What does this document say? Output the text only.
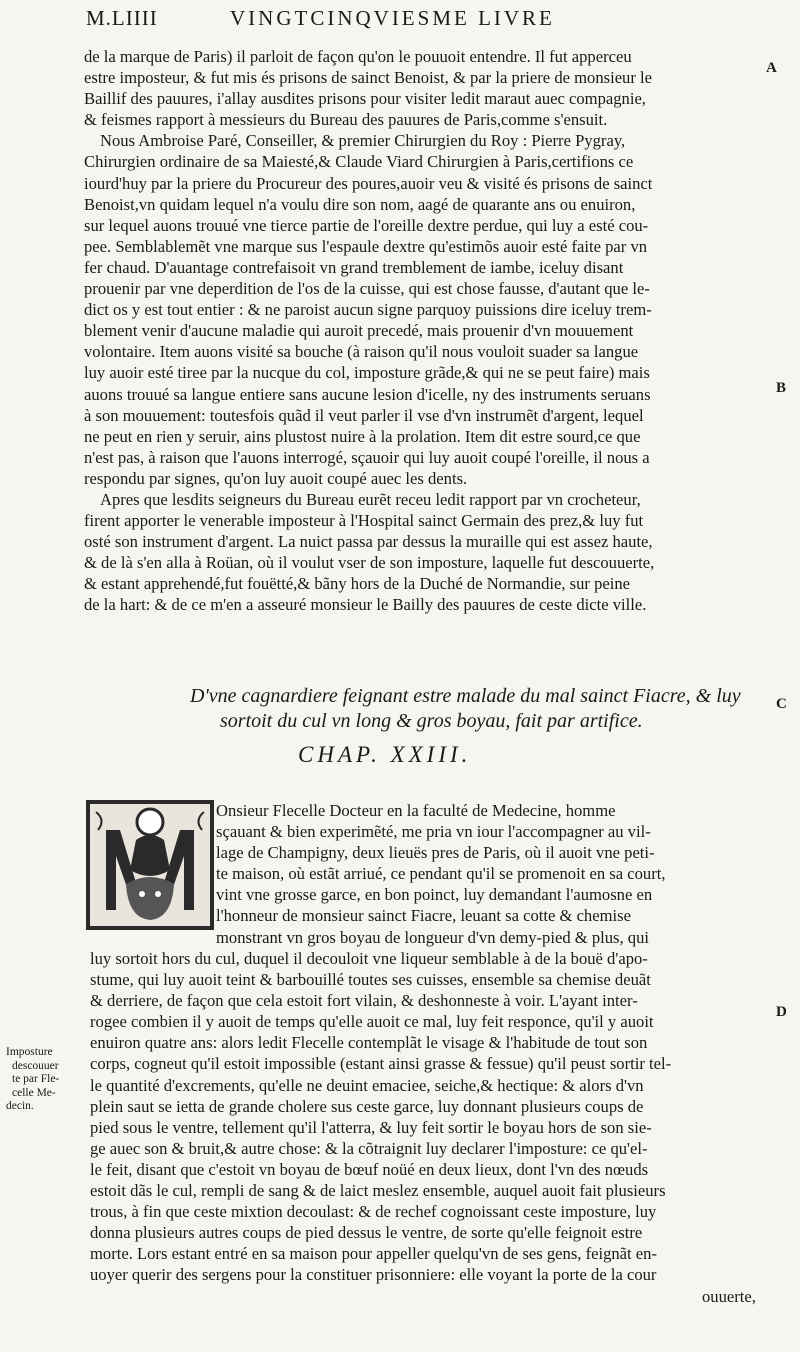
M.LIIII	VINGTCINQVIESME LIVRE
A
B
C
D
de la marque de Paris) il parloit de façon qu'on le pouuoit entendre. Il fut apperceu
estre imposteur, & fut mis és prisons de sainct Benoist, & par la priere de monsieur le
Baillif des pauures, i'allay ausdites prisons pour visiter ledit maraut auec compagnie,
& feismes rapport à messieurs du Bureau des pauures de Paris,comme s'ensuit.
Nous Ambroise Paré, Conseiller, & premier Chirurgien du Roy : Pierre Pygray,
Chirurgien ordinaire de sa Maiesté,& Claude Viard Chirurgien à Paris,certifions ce
iourd'huy par la priere du Procureur des poures,auoir veu & visité és prisons de sainct
Benoist,vn quidam lequel n'a voulu dire son nom, aagé de quarante ans ou enuiron,
sur lequel auons trouué vne tierce partie de l'oreille dextre perdue, qui luy a esté cou-
pee. Semblablemẽt vne marque sus l'espaule dextre qu'estimõs auoir esté faite par vn
fer chaud. D'auantage contrefaisoit vn grand tremblement de iambe, iceluy disant
prouenir par vne deperdition de l'os de la cuisse, qui est chose fausse, d'autant que le-
dict os y est tout entier : & ne paroist aucun signe parquoy puissions dire iceluy trem-
blement venir d'aucune maladie qui auroit precedé, mais prouenir d'vn mouuement
volontaire. Item auons visité sa bouche (à raison qu'il nous vouloit suader sa langue
luy auoir esté tiree par la nucque du col, imposture grãde,& qui ne se peut faire) mais
auons trouué sa langue entiere sans aucune lesion d'icelle, ny des instruments seruans
à son mouuement: toutesfois quãd il veut parler il vse d'vn instrumẽt d'argent, lequel
ne peut en rien y seruir, ains plustost nuire à la prolation. Item dit estre sourd,ce que
n'est pas, à raison que l'auons interrogé, sçauoir qui luy auoit coupé l'oreille, il nous a
respondu par signes, qu'on luy auoit coupé auec les dents.
Apres que lesdits seigneurs du Bureau eurẽt receu ledit rapport par vn crocheteur,
firent apporter le venerable imposteur à l'Hospital sainct Germain des prez,& luy fut
osté son instrument d'argent. La nuict passa par dessus la muraille qui est assez haute,
& de là s'en alla à Roüan, où il voulut vser de son imposture, laquelle fut descouuerte,
& estant apprehendé,fut fouëtté,& bãny hors de la Duché de Normandie, sur peine
de la hart: & de ce m'en a asseuré monsieur le Bailly des pauures de ceste dicte ville.
D'vne cagnardiere feignant estre malade du mal sainct Fiacre, & luy
sortoit du cul vn long & gros boyau, fait par artifice.
CHAP. XXIII.
Onsieur Flecelle Docteur en la faculté de Medecine, homme
sçauant & bien experimẽté, me pria vn iour l'accompagner au vil-
lage de Champigny, deux lieuës pres de Paris, où il auoit vne peti-
te maison, où estãt arriué, ce pendant qu'il se promenoit en sa court,
vint vne grosse garce, en bon poinct, luy demandant l'aumosne en
l'honneur de monsieur sainct Fiacre, leuant sa cotte & chemise
monstrant vn gros boyau de longueur d'vn demy-pied & plus, qui
luy sortoit hors du cul, duquel il decouloit vne liqueur semblable à de la bouë d'apo-
stume, qui luy auoit teint & barbouillé toutes ses cuisses, ensemble sa chemise deuãt
& derriere, de façon que cela estoit fort vilain, & deshonneste à voir. L'ayant inter-
rogee combien il y auoit de temps qu'elle auoit ce mal, luy feit responce, qu'il y auoit
enuiron quatre ans: alors ledit Flecelle contemplãt le visage & l'habitude de tout son
corps, cogneut qu'il estoit impossible (estant ainsi grasse & fessue) qu'il peust sortir tel-
le quantité d'excrements, qu'elle ne deuint emaciee, seiche,& hectique: & alors d'vn
plein saut se ietta de grande cholere sus ceste garce, luy donnant plusieurs coups de
pied sous le ventre, tellement qu'il l'atterra, & luy feit sortir le boyau hors de son sie-
ge auec son & bruit,& autre chose: & la cõtraignit luy declarer l'imposture: ce qu'el-
le feit, disant que c'estoit vn boyau de bœuf noüé en deux lieux, dont l'vn des nœuds
estoit dãs le cul, rempli de sang & de laict meslez ensemble, auquel auoit fait plusieurs
trous, à fin que ceste mixtion decoulast: & de rechef cognoissant ceste imposture, luy
donna plusieurs autres coups de pied dessus le ventre, de sorte qu'elle feignoit estre
morte. Lors estant entré en sa maison pour appeller quelqu'vn de ses gens, feignãt en-
uoyer querir des sergens pour la constituer prisonniere: elle voyant la porte de la cour
ouuerte,
Imposture
descouuer
te par Fle-
celle Me-
decin.
